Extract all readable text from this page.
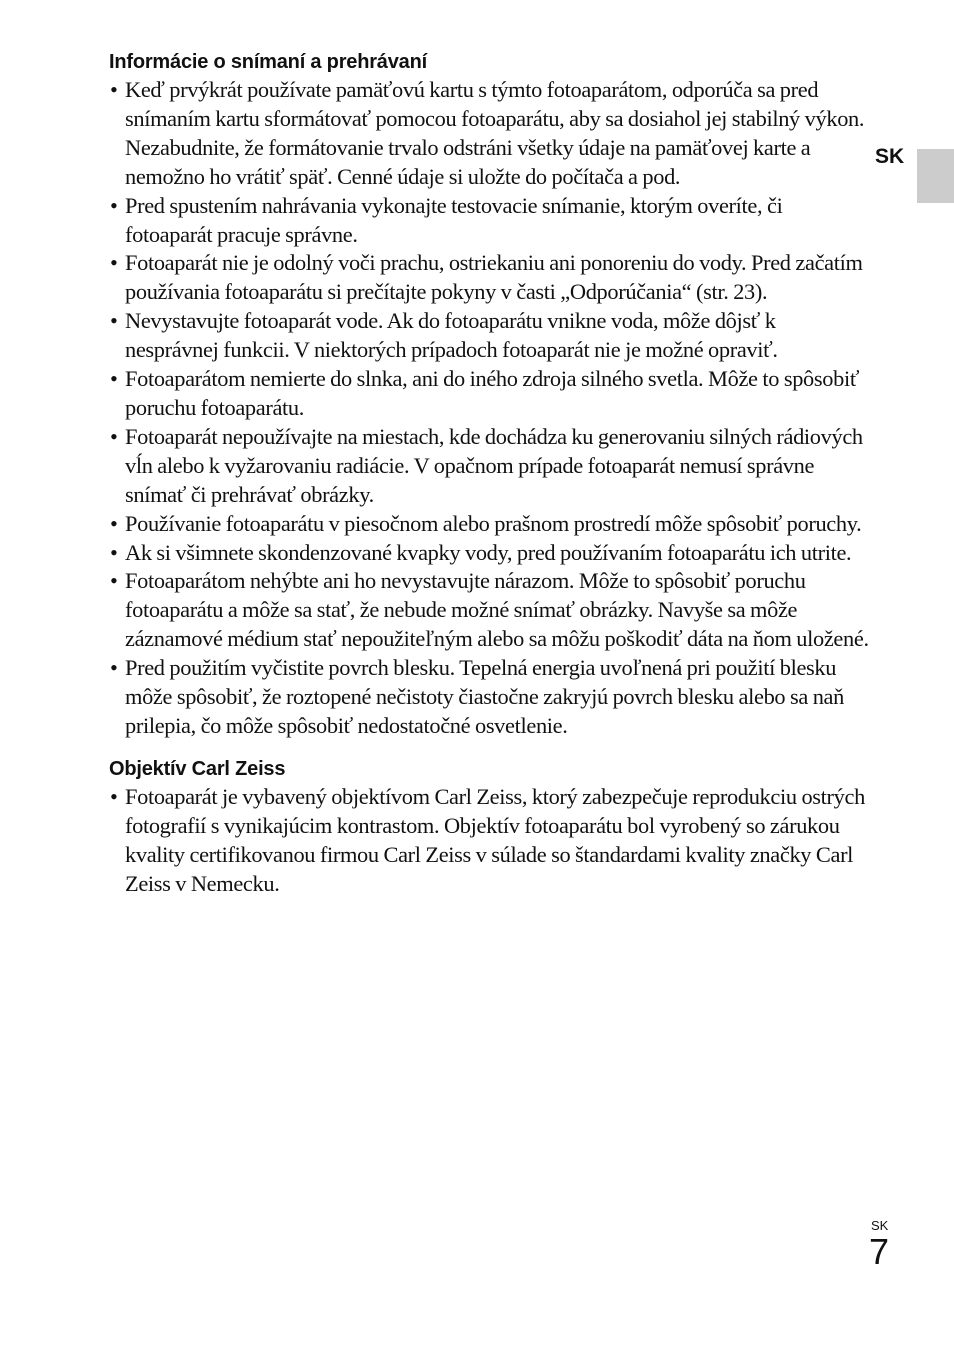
SK
Informácie o snímaní a prehrávaní
• Keď prvýkrát používate pamäťovú kartu s týmto fotoaparátom, odporúča sa pred snímaním kartu sformátovať pomocou fotoaparátu, aby sa dosiahol jej stabilný výkon. Nezabudnite, že formátovanie trvalo odstráni všetky údaje na pamäťovej karte a nemožno ho vrátiť späť. Cenné údaje si uložte do počítača a pod.
• Pred spustením nahrávania vykonajte testovacie snímanie, ktorým overíte, či fotoaparát pracuje správne.
• Fotoaparát nie je odolný voči prachu, ostriekaniu ani ponoreniu do vody. Pred začatím používania fotoaparátu si prečítajte pokyny v časti „Odporúčania“ (str. 23).
• Nevystavujte fotoaparát vode. Ak do fotoaparátu vnikne voda, môže dôjsť k nesprávnej funkcii. V niektorých prípadoch fotoaparát nie je možné opraviť.
• Fotoaparátom nemierte do slnka, ani do iného zdroja silného svetla. Môže to spôsobiť poruchu fotoaparátu.
• Fotoaparát nepoužívajte na miestach, kde dochádza ku generovaniu silných rádiových vĺn alebo k vyžarovaniu radiácie. V opačnom prípade fotoaparát nemusí správne snímať či prehrávať obrázky.
• Používanie fotoaparátu v piesočnom alebo prašnom prostredí môže spôsobiť poruchy.
• Ak si všimnete skondenzované kvapky vody, pred používaním fotoaparátu ich utrite.
• Fotoaparátom nehýbte ani ho nevystavujte nárazom. Môže to spôsobiť poruchu fotoaparátu a môže sa stať, že nebude možné snímať obrázky. Navyše sa môže záznamové médium stať nepoužiteľným alebo sa môžu poškodiť dáta na ňom uložené.
• Pred použitím vyčistite povrch blesku. Tepelná energia uvoľnená pri použití blesku môže spôsobiť, že roztopené nečistoty čiastočne zakryjú povrch blesku alebo sa naň prilepia, čo môže spôsobiť nedostatočné osvetlenie.
Objektív Carl Zeiss
• Fotoaparát je vybavený objektívom Carl Zeiss, ktorý zabezpečuje reprodukciu ostrých fotografií s vynikajúcim kontrastom. Objektív fotoaparátu bol vyrobený so zárukou kvality certifikovanou firmou Carl Zeiss v súlade so štandardami kvality značky Carl Zeiss v Nemecku.
SK
7
